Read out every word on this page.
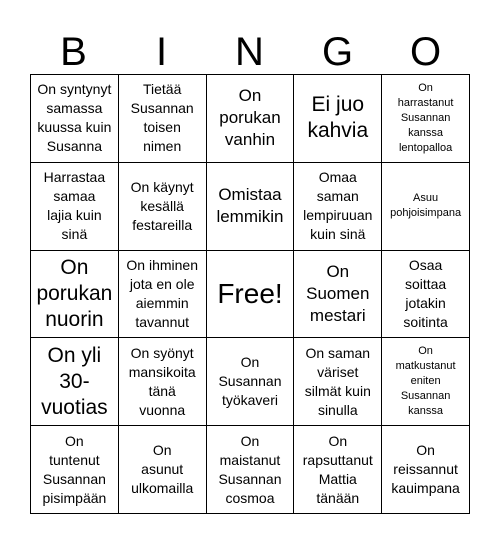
B	I	N	G	O
On syntynyt
samassa
kuussa kuin
Susanna
Tietää
Susannan
toisen
nimen
On
porukan
vanhin
Ei juo
kahvia
On
harrastanut
Susannan
kanssa
lentopalloa
Harrastaa
samaa
lajia kuin
sinä
On käynyt
kesällä
festareilla
Omistaa
lemmikin
Omaa
saman
lempiruuan
kuin sinä
Asuu
pohjoisimpana
On
porukan
nuorin
On ihminen
jota en ole
aiemmin
tavannut
Free!
On
Suomen
mestari
Osaa
soittaa
jotakin
soitinta
On yli
30-
vuotias
On syönyt
mansikoita
tänä
vuonna
On
Susannan
työkaveri
On saman
väriset
silmät kuin
sinulla
On
matkustanut
eniten
Susannan
kanssa
On
tuntenut
Susannan
pisimpään
On
asunut
ulkomailla
On
maistanut
Susannan
cosmoa
On
rapsuttanut
Mattia
tänään
On
reissannut
kauimpana
